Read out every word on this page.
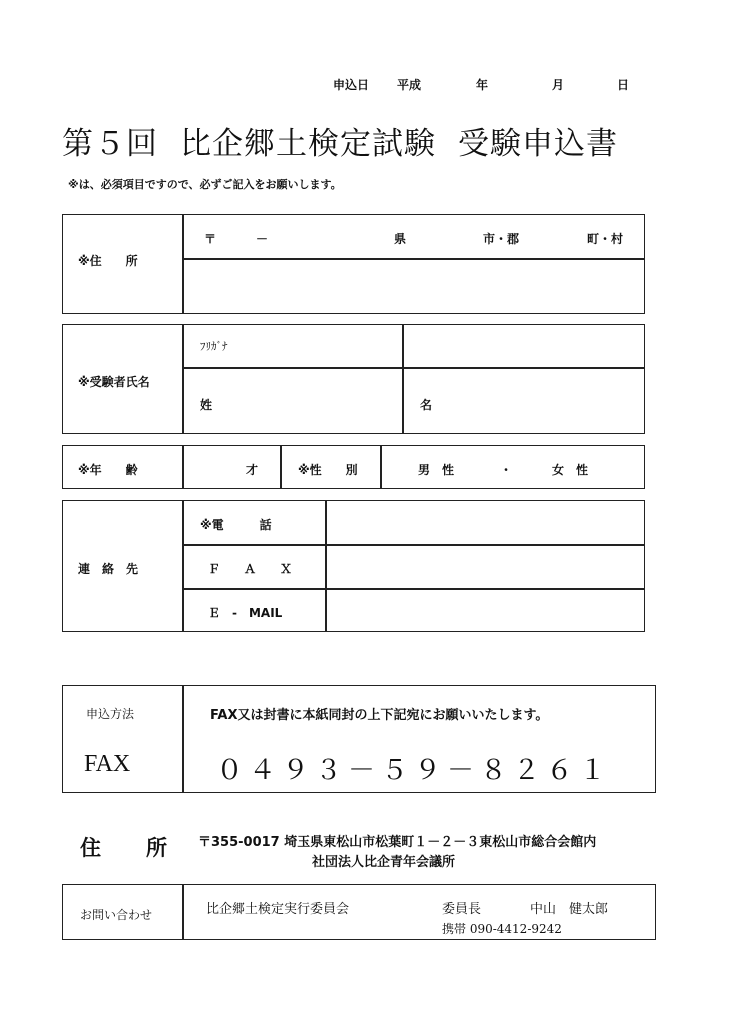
申込日 平成	年	月	日
第５回 比企郷土検定試験 受験申込書
※は、必須項目ですので、必ずご記入をお願いします。
※住　　所
〒	－	県	市・郡	町・村
※受験者氏名
ﾌﾘｶﾞﾅ
姓	名
※年　　齢	才	※性　　別	男　性	・	女　性
連　絡　先
※電　　　話
Ｆ　　Ａ　　Ｘ
Ｅ　-　MAIL
申込方法
FAX
FAX又は封書に本紙同封の上下記宛にお願いいたします。
０４９３－５９－８２６１
住　所 〒355-0017 埼玉県東松山市松葉町１－２－３東松山市総合会館内
社団法人比企青年会議所
お問い合わせ	比企郷土検定実行委員会	委員長	中山　健太郎
携帯 090-4412-9242
